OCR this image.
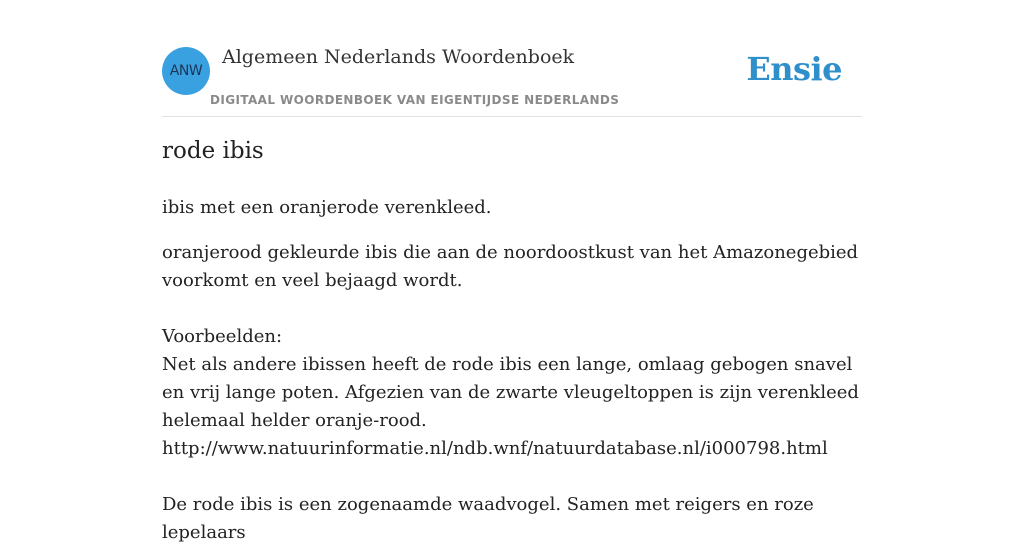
ANW
Algemeen Nederlands Woordenboek
DIGITAAL WOORDENBOEK VAN EIGENTIJDSE NEDERLANDS
Ensie
rode ibis

ibis met een oranjerode verenkleed.

oranjerood gekleurde ibis die aan de noordoostkust van het Amazonegebied voorkomt en veel bejaagd wordt.

Voorbeelden:

Net als andere ibissen heeft de rode ibis een lange, omlaag gebogen snavel en vrij lange poten. Afgezien van de zwarte vleugeltoppen is zijn verenkleed helemaal helder oranje-rood.

http://www.natuurinformatie.nl/ndb.wnf/natuurdatabase.nl/i000798.html

De rode ibis is een zogenaamde waadvogel. Samen met reigers en roze lepelaars
